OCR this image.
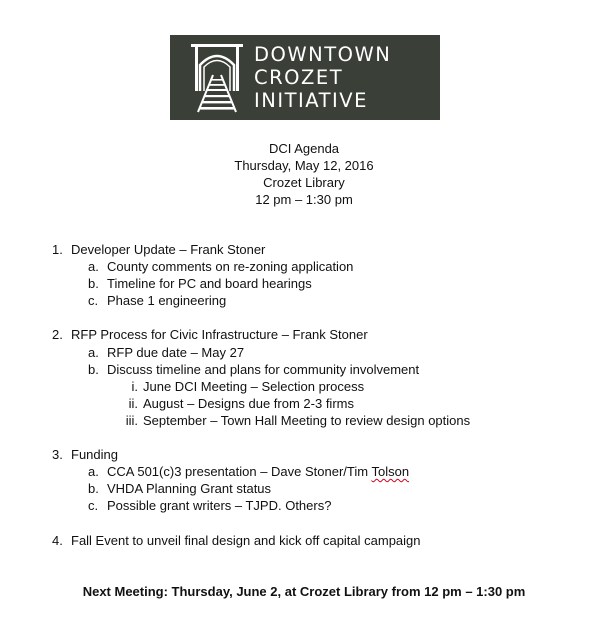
DOWNTOWN
CROZET
INITIATIVE
DCI Agenda
Thursday, May 12, 2016
Crozet Library
12 pm – 1:30 pm
1. Developer Update – Frank Stoner
a. County comments on re-zoning application
b. Timeline for PC and board hearings
c. Phase 1 engineering
2. RFP Process for Civic Infrastructure – Frank Stoner
a. RFP due date – May 27
b. Discuss timeline and plans for community involvement
i. June DCI Meeting – Selection process
ii. August – Designs due from 2-3 firms
iii. September – Town Hall Meeting to review design options
3. Funding
a. CCA 501(c)3 presentation – Dave Stoner/Tim Tolson
b. VHDA Planning Grant status
c. Possible grant writers – TJPD. Others?
4. Fall Event to unveil final design and kick off capital campaign
Next Meeting: Thursday, June 2, at Crozet Library from 12 pm – 1:30 pm
